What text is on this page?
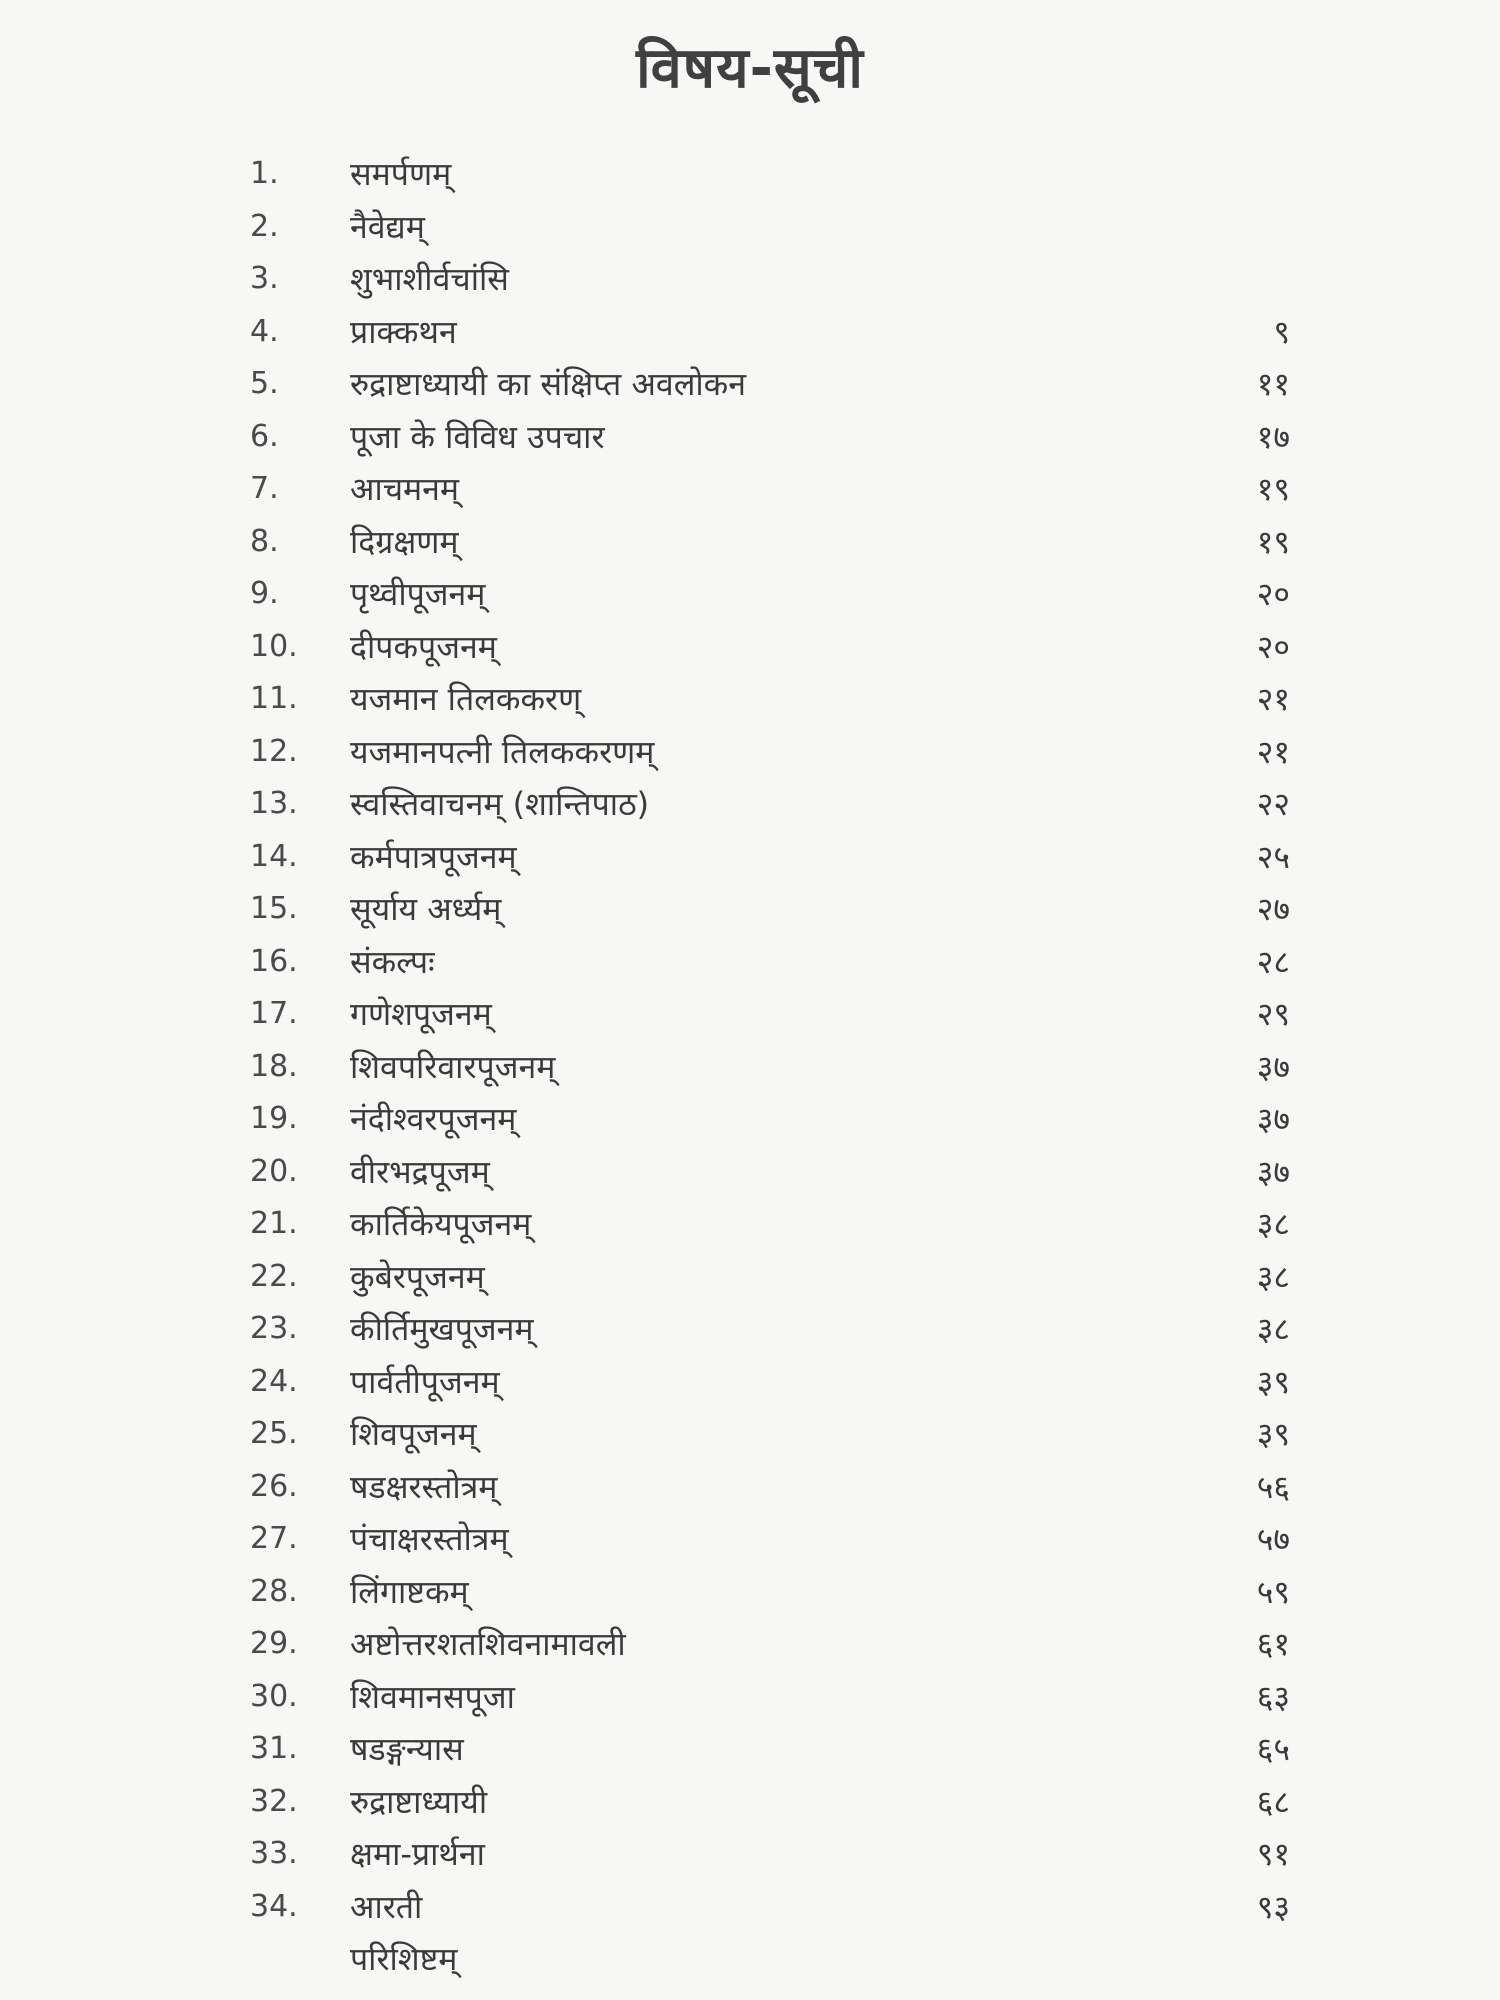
विषय-सूची
1.	समर्पणम्
2.	नैवेद्यम्
3.	शुभाशीर्वचांसि
4.	प्राक्कथन	९
5.	रुद्राष्टाध्यायी का संक्षिप्त अवलोकन	११
6.	पूजा के विविध उपचार	१७
7.	आचमनम्	१९
8.	दिग्रक्षणम्	१९
9.	पृथ्वीपूजनम्	२०
10.	दीपकपूजनम्	२०
11.	यजमान तिलककरण्	२१
12.	यजमानपत्नी तिलककरणम्	२१
13.	स्वस्तिवाचनम् (शान्तिपाठ)	२२
14.	कर्मपात्रपूजनम्	२५
15.	सूर्याय अर्ध्यम्	२७
16.	संकल्पः	२८
17.	गणेशपूजनम्	२९
18.	शिवपरिवारपूजनम्	३७
19.	नंदीश्वरपूजनम्	३७
20.	वीरभद्रपूजम्	३७
21.	कार्तिकेयपूजनम्	३८
22.	कुबेरपूजनम्	३८
23.	कीर्तिमुखपूजनम्	३८
24.	पार्वतीपूजनम्	३९
25.	शिवपूजनम्	३९
26.	षडक्षरस्तोत्रम्	५६
27.	पंचाक्षरस्तोत्रम्	५७
28.	लिंगाष्टकम्	५९
29.	अष्टोत्तरशतशिवनामावली	६१
30.	शिवमानसपूजा	६३
31.	षडङ्गन्यास	६५
32.	रुद्राष्टाध्यायी	६८
33.	क्षमा-प्रार्थना	९१
34.	आरती	९३
परिशिष्टम्
